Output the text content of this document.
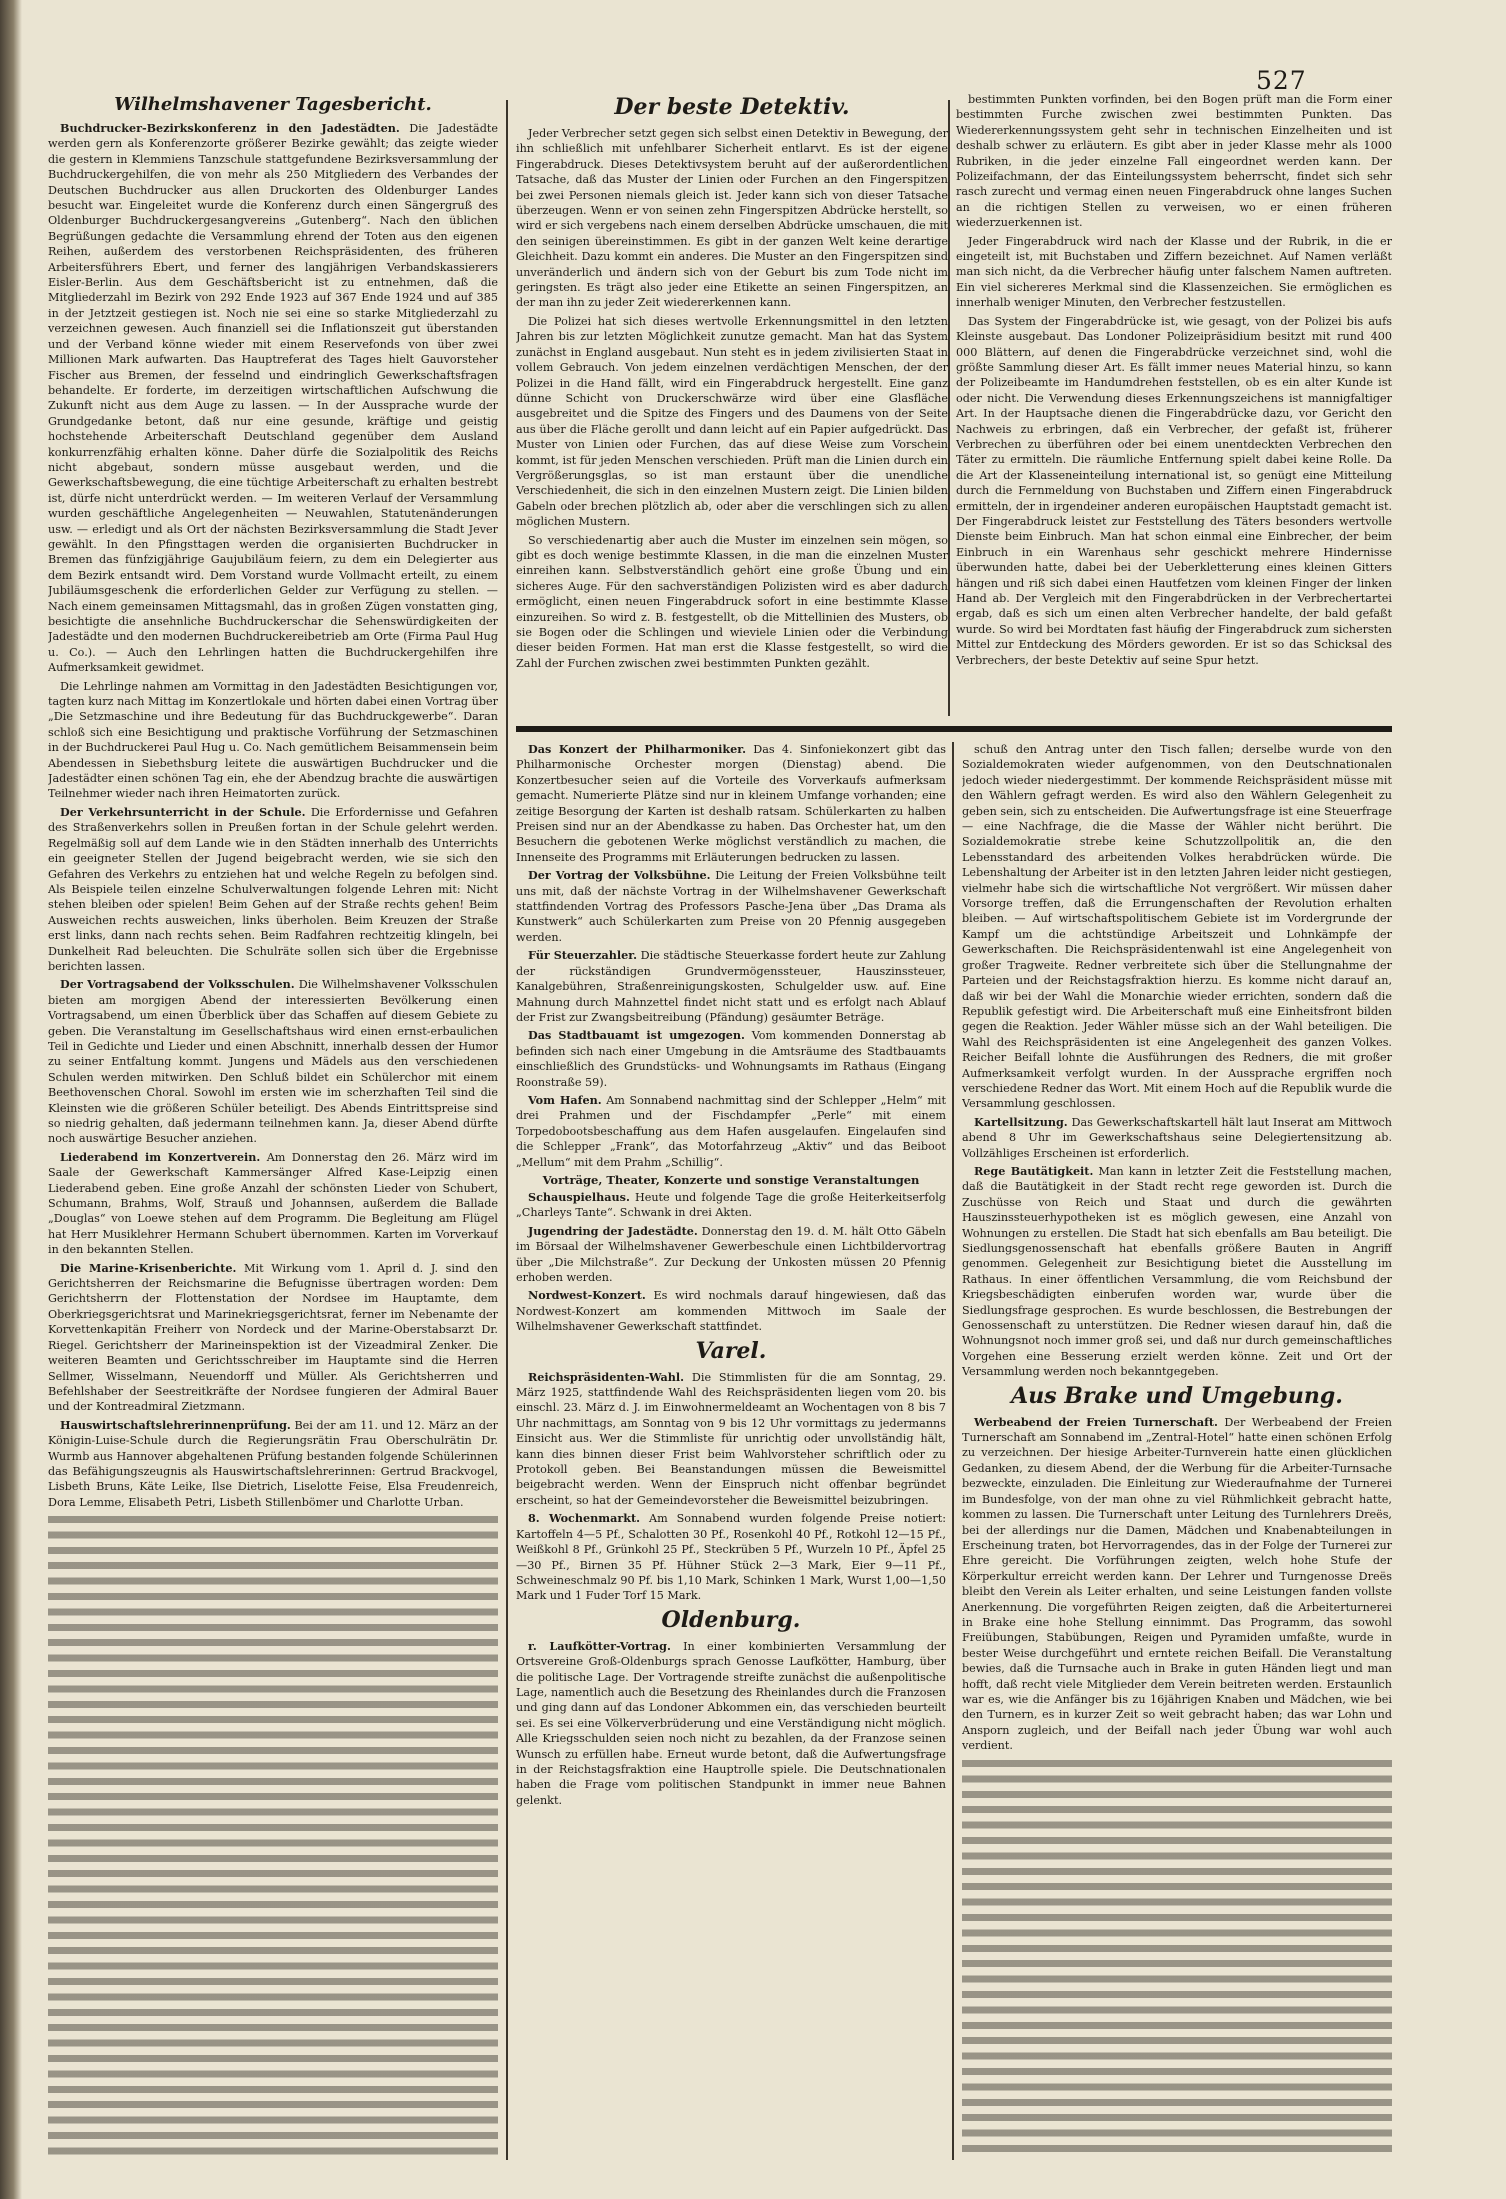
527
Wilhelmshavener Tagesbericht.

Buchdrucker-Bezirkskonferenz in den Jadestädten. Die Jadestädte werden gern als Konferenzorte größerer Bezirke gewählt; das zeigte wieder die gestern in Klemmiens Tanzschule stattgefundene Bezirksversammlung der Buchdruckergehilfen, die von mehr als 250 Mitgliedern des Verbandes der Deutschen Buchdrucker aus allen Druckorten des Oldenburger Landes besucht war. Eingeleitet wurde die Konferenz durch einen Sängergruß des Oldenburger Buchdruckergesangvereins „Gutenberg“. Nach den üblichen Begrüßungen gedachte die Versammlung ehrend der Toten aus den eigenen Reihen, außerdem des verstorbenen Reichspräsidenten, des früheren Arbeitersführers Ebert, und ferner des langjährigen Verbandskassierers Eisler-Berlin. Aus dem Geschäftsbericht ist zu entnehmen, daß die Mitgliederzahl im Bezirk von 292 Ende 1923 auf 367 Ende 1924 und auf 385 in der Jetztzeit gestiegen ist. Noch nie sei eine so starke Mitgliederzahl zu verzeichnen gewesen. Auch finanziell sei die Inflationszeit gut überstanden und der Verband könne wieder mit einem Reservefonds von über zwei Millionen Mark aufwarten. Das Hauptreferat des Tages hielt Gauvorsteher Fischer aus Bremen, der fesselnd und eindringlich Gewerkschaftsfragen behandelte. Er forderte, im derzeitigen wirtschaftlichen Aufschwung die Zukunft nicht aus dem Auge zu lassen. — In der Aussprache wurde der Grundgedanke betont, daß nur eine gesunde, kräftige und geistig hochstehende Arbeiterschaft Deutschland gegenüber dem Ausland konkurrenzfähig erhalten könne. Daher dürfe die Sozialpolitik des Reichs nicht abgebaut, sondern müsse ausgebaut werden, und die Gewerkschaftsbewegung, die eine tüchtige Arbeiterschaft zu erhalten bestrebt ist, dürfe nicht unterdrückt werden. — Im weiteren Verlauf der Versammlung wurden geschäftliche Angelegenheiten — Neuwahlen, Statutenänderungen usw. — erledigt und als Ort der nächsten Bezirksversammlung die Stadt Jever gewählt. In den Pfingsttagen werden die organisierten Buchdrucker in Bremen das fünfzigjährige Gaujubiläum feiern, zu dem ein Delegierter aus dem Bezirk entsandt wird. Dem Vorstand wurde Vollmacht erteilt, zu einem Jubiläumsgeschenk die erforderlichen Gelder zur Verfügung zu stellen. — Nach einem gemeinsamen Mittagsmahl, das in großen Zügen vonstatten ging, besichtigte die ansehnliche Buchdruckerschar die Sehenswürdigkeiten der Jadestädte und den modernen Buchdruckereibetrieb am Orte (Firma Paul Hug u. Co.). — Auch den Lehrlingen hatten die Buchdruckergehilfen ihre Aufmerksamkeit gewidmet.

Die Lehrlinge nahmen am Vormittag in den Jadestädten Besichtigungen vor, tagten kurz nach Mittag im Konzertlokale und hörten dabei einen Vortrag über „Die Setzmaschine und ihre Bedeutung für das Buchdruckgewerbe“. Daran schloß sich eine Besichtigung und praktische Vorführung der Setzmaschinen in der Buchdruckerei Paul Hug u. Co. Nach gemütlichem Beisammensein beim Abendessen in Siebethsburg leitete die auswärtigen Buchdrucker und die Jadestädter einen schönen Tag ein, ehe der Abendzug brachte die auswärtigen Teilnehmer wieder nach ihren Heimatorten zurück.

Der Verkehrsunterricht in der Schule. Die Erfordernisse und Gefahren des Straßenverkehrs sollen in Preußen fortan in der Schule gelehrt werden. Regelmäßig soll auf dem Lande wie in den Städten innerhalb des Unterrichts ein geeigneter Stellen der Jugend beigebracht werden, wie sie sich den Gefahren des Verkehrs zu entziehen hat und welche Regeln zu befolgen sind. Als Beispiele teilen einzelne Schulverwaltungen folgende Lehren mit: Nicht stehen bleiben oder spielen! Beim Gehen auf der Straße rechts gehen! Beim Ausweichen rechts ausweichen, links überholen. Beim Kreuzen der Straße erst links, dann nach rechts sehen. Beim Radfahren rechtzeitig klingeln, bei Dunkelheit Rad beleuchten. Die Schulräte sollen sich über die Ergebnisse berichten lassen.

Der Vortragsabend der Volksschulen. Die Wilhelmshavener Volksschulen bieten am morgigen Abend der interessierten Bevölkerung einen Vortragsabend, um einen Überblick über das Schaffen auf diesem Gebiete zu geben. Die Veranstaltung im Gesellschaftshaus wird einen ernst-erbaulichen Teil in Gedichte und Lieder und einen Abschnitt, innerhalb dessen der Humor zu seiner Entfaltung kommt. Jungens und Mädels aus den verschiedenen Schulen werden mitwirken. Den Schluß bildet ein Schülerchor mit einem Beethovenschen Choral. Sowohl im ersten wie im scherzhaften Teil sind die Kleinsten wie die größeren Schüler beteiligt. Des Abends Eintrittspreise sind so niedrig gehalten, daß jedermann teilnehmen kann. Ja, dieser Abend dürfte noch auswärtige Besucher anziehen.

Liederabend im Konzertverein. Am Donnerstag den 26. März wird im Saale der Gewerkschaft Kammersänger Alfred Kase-Leipzig einen Liederabend geben. Eine große Anzahl der schönsten Lieder von Schubert, Schumann, Brahms, Wolf, Strauß und Johannsen, außerdem die Ballade „Douglas“ von Loewe stehen auf dem Programm. Die Begleitung am Flügel hat Herr Musiklehrer Hermann Schubert übernommen. Karten im Vorverkauf in den bekannten Stellen.

Die Marine-Krisenberichte. Mit Wirkung vom 1. April d. J. sind den Gerichtsherren der Reichsmarine die Befugnisse übertragen worden: Dem Gerichtsherrn der Flottenstation der Nordsee im Hauptamte, dem Oberkriegsgerichtsrat und Marinekriegsgerichtsrat, ferner im Nebenamte der Korvettenkapitän Freiherr von Nordeck und der Marine-Oberstabsarzt Dr. Riegel. Gerichtsherr der Marineinspektion ist der Vizeadmiral Zenker. Die weiteren Beamten und Gerichtsschreiber im Hauptamte sind die Herren Sellmer, Wisselmann, Neuendorff und Müller. Als Gerichtsherren und Befehlshaber der Seestreitkräfte der Nordsee fungieren der Admiral Bauer und der Kontreadmiral Zietzmann.

Hauswirtschaftslehrerinnenprüfung. Bei der am 11. und 12. März an der Königin-Luise-Schule durch die Regierungsrätin Frau Oberschulrätin Dr. Wurmb aus Hannover abgehaltenen Prüfung bestanden folgende Schülerinnen das Befähigungszeugnis als Hauswirtschaftslehrerinnen: Gertrud Brackvogel, Lisbeth Bruns, Käte Leike, Ilse Dietrich, Liselotte Feise, Elsa Freudenreich, Dora Lemme, Elisabeth Petri, Lisbeth Stillenbömer und Charlotte Urban.

Der beste Detektiv.

Jeder Verbrecher setzt gegen sich selbst einen Detektiv in Bewegung, der ihn schließlich mit unfehlbarer Sicherheit entlarvt. Es ist der eigene Fingerabdruck. Dieses Detektivsystem beruht auf der außerordentlichen Tatsache, daß das Muster der Linien oder Furchen an den Fingerspitzen bei zwei Personen niemals gleich ist. Jeder kann sich von dieser Tatsache überzeugen. Wenn er von seinen zehn Fingerspitzen Abdrücke herstellt, so wird er sich vergebens nach einem derselben Abdrücke umschauen, die mit den seinigen übereinstimmen. Es gibt in der ganzen Welt keine derartige Gleichheit. Dazu kommt ein anderes. Die Muster an den Fingerspitzen sind unveränderlich und ändern sich von der Geburt bis zum Tode nicht im geringsten. Es trägt also jeder eine Etikette an seinen Fingerspitzen, an der man ihn zu jeder Zeit wiedererkennen kann.

Die Polizei hat sich dieses wertvolle Erkennungsmittel in den letzten Jahren bis zur letzten Möglichkeit zunutze gemacht. Man hat das System zunächst in England ausgebaut. Nun steht es in jedem zivilisierten Staat in vollem Gebrauch. Von jedem einzelnen verdächtigen Menschen, der der Polizei in die Hand fällt, wird ein Fingerabdruck hergestellt. Eine ganz dünne Schicht von Druckerschwärze wird über eine Glasfläche ausgebreitet und die Spitze des Fingers und des Daumens von der Seite aus über die Fläche gerollt und dann leicht auf ein Papier aufgedrückt. Das Muster von Linien oder Furchen, das auf diese Weise zum Vorschein kommt, ist für jeden Menschen verschieden. Prüft man die Linien durch ein Vergrößerungsglas, so ist man erstaunt über die unendliche Verschiedenheit, die sich in den einzelnen Mustern zeigt. Die Linien bilden Gabeln oder brechen plötzlich ab, oder aber die verschlingen sich zu allen möglichen Mustern.

So verschiedenartig aber auch die Muster im einzelnen sein mögen, so gibt es doch wenige bestimmte Klassen, in die man die einzelnen Muster einreihen kann. Selbstverständlich gehört eine große Übung und ein sicheres Auge. Für den sachverständigen Polizisten wird es aber dadurch ermöglicht, einen neuen Fingerabdruck sofort in eine bestimmte Klasse einzureihen. So wird z. B. festgestellt, ob die Mittellinien des Musters, ob sie Bogen oder die Schlingen und wieviele Linien oder die Verbindung dieser beiden Formen. Hat man erst die Klasse festgestellt, so wird die Zahl der Furchen zwischen zwei bestimmten Punkten gezählt.

bestimmten Punkten vorfinden, bei den Bogen prüft man die Form einer bestimmten Furche zwischen zwei bestimmten Punkten. Das Wiedererkennungssystem geht sehr in technischen Einzelheiten und ist deshalb schwer zu erläutern. Es gibt aber in jeder Klasse mehr als 1000 Rubriken, in die jeder einzelne Fall eingeordnet werden kann. Der Polizeifachmann, der das Einteilungssystem beherrscht, findet sich sehr rasch zurecht und vermag einen neuen Fingerabdruck ohne langes Suchen an die richtigen Stellen zu verweisen, wo er einen früheren wiederzuerkennen ist.

Jeder Fingerabdruck wird nach der Klasse und der Rubrik, in die er eingeteilt ist, mit Buchstaben und Ziffern bezeichnet. Auf Namen verläßt man sich nicht, da die Verbrecher häufig unter falschem Namen auftreten. Ein viel sichereres Merkmal sind die Klassenzeichen. Sie ermöglichen es innerhalb weniger Minuten, den Verbrecher festzustellen.

Das System der Fingerabdrücke ist, wie gesagt, von der Polizei bis aufs Kleinste ausgebaut. Das Londoner Polizeipräsidium besitzt mit rund 400 000 Blättern, auf denen die Fingerabdrücke verzeichnet sind, wohl die größte Sammlung dieser Art. Es fällt immer neues Material hinzu, so kann der Polizeibeamte im Handumdrehen feststellen, ob es ein alter Kunde ist oder nicht. Die Verwendung dieses Erkennungszeichens ist mannigfaltiger Art. In der Hauptsache dienen die Fingerabdrücke dazu, vor Gericht den Nachweis zu erbringen, daß ein Verbrecher, der gefaßt ist, früherer Verbrechen zu überführen oder bei einem unentdeckten Verbrechen den Täter zu ermitteln. Die räumliche Entfernung spielt dabei keine Rolle. Da die Art der Klasseneinteilung international ist, so genügt eine Mitteilung durch die Fernmeldung von Buchstaben und Ziffern einen Fingerabdruck ermitteln, der in irgendeiner anderen europäischen Hauptstadt gemacht ist. Der Fingerabdruck leistet zur Feststellung des Täters besonders wertvolle Dienste beim Einbruch. Man hat schon einmal eine Einbrecher, der beim Einbruch in ein Warenhaus sehr geschickt mehrere Hindernisse überwunden hatte, dabei bei der Ueberkletterung eines kleinen Gitters hängen und riß sich dabei einen Hautfetzen vom kleinen Finger der linken Hand ab. Der Vergleich mit den Fingerabdrücken in der Verbrechertartei ergab, daß es sich um einen alten Verbrecher handelte, der bald gefaßt wurde. So wird bei Mordtaten fast häufig der Fingerabdruck zum sichersten Mittel zur Entdeckung des Mörders geworden. Er ist so das Schicksal des Verbrechers, der beste Detektiv auf seine Spur hetzt.

Das Konzert der Philharmoniker. Das 4. Sinfoniekonzert gibt das Philharmonische Orchester morgen (Dienstag) abend. Die Konzertbesucher seien auf die Vorteile des Vorverkaufs aufmerksam gemacht. Numerierte Plätze sind nur in kleinem Umfange vorhanden; eine zeitige Besorgung der Karten ist deshalb ratsam. Schülerkarten zu halben Preisen sind nur an der Abendkasse zu haben. Das Orchester hat, um den Besuchern die gebotenen Werke möglichst verständlich zu machen, die Innenseite des Programms mit Erläuterungen bedrucken zu lassen.

Der Vortrag der Volksbühne. Die Leitung der Freien Volksbühne teilt uns mit, daß der nächste Vortrag in der Wilhelmshavener Gewerkschaft stattfindenden Vortrag des Professors Pasche-Jena über „Das Drama als Kunstwerk“ auch Schülerkarten zum Preise von 20 Pfennig ausgegeben werden.

Für Steuerzahler. Die städtische Steuerkasse fordert heute zur Zahlung der rückständigen Grundvermögenssteuer, Hauszinssteuer, Kanalgebühren, Straßenreinigungskosten, Schulgelder usw. auf. Eine Mahnung durch Mahnzettel findet nicht statt und es erfolgt nach Ablauf der Frist zur Zwangsbeitreibung (Pfändung) gesäumter Beträge.

Das Stadtbauamt ist umgezogen. Vom kommenden Donnerstag ab befinden sich nach einer Umgebung in die Amtsräume des Stadtbauamts einschließlich des Grundstücks- und Wohnungsamts im Rathaus (Eingang Roonstraße 59).

Vom Hafen. Am Sonnabend nachmittag sind der Schlepper „Helm“ mit drei Prahmen und der Fischdampfer „Perle“ mit einem Torpedobootsbeschaffung aus dem Hafen ausgelaufen. Eingelaufen sind die Schlepper „Frank“, das Motorfahrzeug „Aktiv“ und das Beiboot „Mellum“ mit dem Prahm „Schillig“.

Vorträge, Theater, Konzerte und sonstige Veranstaltungen

Schauspielhaus. Heute und folgende Tage die große Heiterkeitserfolg „Charleys Tante“. Schwank in drei Akten.

Jugendring der Jadestädte. Donnerstag den 19. d. M. hält Otto Gäbeln im Börsaal der Wilhelmshavener Gewerbeschule einen Lichtbildervortrag über „Die Milchstraße“. Zur Deckung der Unkosten müssen 20 Pfennig erhoben werden.

Nordwest-Konzert. Es wird nochmals darauf hingewiesen, daß das Nordwest-Konzert am kommenden Mittwoch im Saale der Wilhelmshavener Gewerkschaft stattfindet.

Varel.

Reichspräsidenten-Wahl. Die Stimmlisten für die am Sonntag, 29. März 1925, stattfindende Wahl des Reichspräsidenten liegen vom 20. bis einschl. 23. März d. J. im Einwohnermeldeamt an Wochentagen von 8 bis 7 Uhr nachmittags, am Sonntag von 9 bis 12 Uhr vormittags zu jedermanns Einsicht aus. Wer die Stimmliste für unrichtig oder unvollständig hält, kann dies binnen dieser Frist beim Wahlvorsteher schriftlich oder zu Protokoll geben. Bei Beanstandungen müssen die Beweismittel beigebracht werden. Wenn der Einspruch nicht offenbar begründet erscheint, so hat der Gemeindevorsteher die Beweismittel beizubringen.

8. Wochenmarkt. Am Sonnabend wurden folgende Preise notiert: Kartoffeln 4—5 Pf., Schalotten 30 Pf., Rosenkohl 40 Pf., Rotkohl 12—15 Pf., Weißkohl 8 Pf., Grünkohl 25 Pf., Steckrüben 5 Pf., Wurzeln 10 Pf., Äpfel 25—30 Pf., Birnen 35 Pf. Hühner Stück 2—3 Mark, Eier 9—11 Pf., Schweineschmalz 90 Pf. bis 1,10 Mark, Schinken 1 Mark, Wurst 1,00—1,50 Mark und 1 Fuder Torf 15 Mark.

Oldenburg.

r. Laufkötter-Vortrag. In einer kombinierten Versammlung der Ortsvereine Groß-Oldenburgs sprach Genosse Laufkötter, Hamburg, über die politische Lage. Der Vortragende streifte zunächst die außenpolitische Lage, namentlich auch die Besetzung des Rheinlandes durch die Franzosen und ging dann auf das Londoner Abkommen ein, das verschieden beurteilt sei. Es sei eine Völkerverbrüderung und eine Verständigung nicht möglich. Alle Kriegsschulden seien noch nicht zu bezahlen, da der Franzose seinen Wunsch zu erfüllen habe. Erneut wurde betont, daß die Aufwertungsfrage in der Reichstagsfraktion eine Hauptrolle spiele. Die Deutschnationalen haben die Frage vom politischen Standpunkt in immer neue Bahnen gelenkt.

schuß den Antrag unter den Tisch fallen; derselbe wurde von den Sozialdemokraten wieder aufgenommen, von den Deutschnationalen jedoch wieder niedergestimmt. Der kommende Reichspräsident müsse mit den Wählern gefragt werden. Es wird also den Wählern Gelegenheit zu geben sein, sich zu entscheiden. Die Aufwertungsfrage ist eine Steuerfrage — eine Nachfrage, die die Masse der Wähler nicht berührt. Die Sozialdemokratie strebe keine Schutzzollpolitik an, die den Lebensstandard des arbeitenden Volkes herabdrücken würde. Die Lebenshaltung der Arbeiter ist in den letzten Jahren leider nicht gestiegen, vielmehr habe sich die wirtschaftliche Not vergrößert. Wir müssen daher Vorsorge treffen, daß die Errungenschaften der Revolution erhalten bleiben. — Auf wirtschaftspolitischem Gebiete ist im Vordergrunde der Kampf um die achtstündige Arbeitszeit und Lohnkämpfe der Gewerkschaften. Die Reichspräsidentenwahl ist eine Angelegenheit von großer Tragweite. Redner verbreitete sich über die Stellungnahme der Parteien und der Reichstagsfraktion hierzu. Es komme nicht darauf an, daß wir bei der Wahl die Monarchie wieder errichten, sondern daß die Republik gefestigt wird. Die Arbeiterschaft muß eine Einheitsfront bilden gegen die Reaktion. Jeder Wähler müsse sich an der Wahl beteiligen. Die Wahl des Reichspräsidenten ist eine Angelegenheit des ganzen Volkes. Reicher Beifall lohnte die Ausführungen des Redners, die mit großer Aufmerksamkeit verfolgt wurden. In der Aussprache ergriffen noch verschiedene Redner das Wort. Mit einem Hoch auf die Republik wurde die Versammlung geschlossen.

Kartellsitzung. Das Gewerkschaftskartell hält laut Inserat am Mittwoch abend 8 Uhr im Gewerkschaftshaus seine Delegiertensitzung ab. Vollzähliges Erscheinen ist erforderlich.

Rege Bautätigkeit. Man kann in letzter Zeit die Feststellung machen, daß die Bautätigkeit in der Stadt recht rege geworden ist. Durch die Zuschüsse von Reich und Staat und durch die gewährten Hauszinssteuerhypotheken ist es möglich gewesen, eine Anzahl von Wohnungen zu erstellen. Die Stadt hat sich ebenfalls am Bau beteiligt. Die Siedlungsgenossenschaft hat ebenfalls größere Bauten in Angriff genommen. Gelegenheit zur Besichtigung bietet die Ausstellung im Rathaus. In einer öffentlichen Versammlung, die vom Reichsbund der Kriegsbeschädigten einberufen worden war, wurde über die Siedlungsfrage gesprochen. Es wurde beschlossen, die Bestrebungen der Genossenschaft zu unterstützen. Die Redner wiesen darauf hin, daß die Wohnungsnot noch immer groß sei, und daß nur durch gemeinschaftliches Vorgehen eine Besserung erzielt werden könne. Zeit und Ort der Versammlung werden noch bekanntgegeben.

Aus Brake und Umgebung.

Werbeabend der Freien Turnerschaft. Der Werbeabend der Freien Turnerschaft am Sonnabend im „Zentral-Hotel“ hatte einen schönen Erfolg zu verzeichnen. Der hiesige Arbeiter-Turnverein hatte einen glücklichen Gedanken, zu diesem Abend, der die Werbung für die Arbeiter-Turnsache bezweckte, einzuladen. Die Einleitung zur Wiederaufnahme der Turnerei im Bundesfolge, von der man ohne zu viel Rühmlichkeit gebracht hatte, kommen zu lassen. Die Turnerschaft unter Leitung des Turnlehrers Dreës, bei der allerdings nur die Damen, Mädchen und Knabenabteilungen in Erscheinung traten, bot Hervorragendes, das in der Folge der Turnerei zur Ehre gereicht. Die Vorführungen zeigten, welch hohe Stufe der Körperkultur erreicht werden kann. Der Lehrer und Turngenosse Dreës bleibt den Verein als Leiter erhalten, und seine Leistungen fanden vollste Anerkennung. Die vorgeführten Reigen zeigten, daß die Arbeiterturnerei in Brake eine hohe Stellung einnimmt. Das Programm, das sowohl Freiübungen, Stabübungen, Reigen und Pyramiden umfaßte, wurde in bester Weise durchgeführt und erntete reichen Beifall. Die Veranstaltung bewies, daß die Turnsache auch in Brake in guten Händen liegt und man hofft, daß recht viele Mitglieder dem Verein beitreten werden. Erstaunlich war es, wie die Anfänger bis zu 16jährigen Knaben und Mädchen, wie bei den Turnern, es in kurzer Zeit so weit gebracht haben; das war Lohn und Ansporn zugleich, und der Beifall nach jeder Übung war wohl auch verdient.
